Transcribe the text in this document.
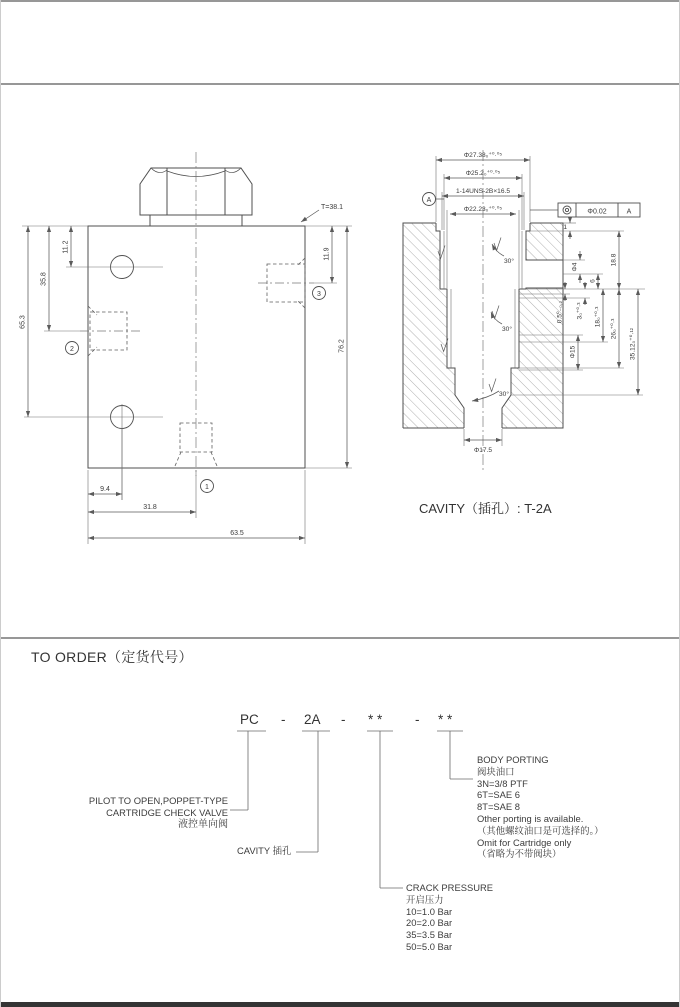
T=38.1
65.3
35.8
11.2
11.9
76.2
9.4
31.8
63.5
1
2
3
A
Φ0.02	A
Φ27.38₀⁺⁰·⁰⁵
Φ25.2₀⁺⁰·⁰⁵
1-14UNS-2B×16.5
Φ22.23₀⁺⁰·⁰⁵
1
18.8
Φ4
6
0.5⁰₋₀.₂ 3₀⁺⁰·³ 18₀⁺⁰·³
26₀⁺⁰·³ 35.12₀⁺⁰·¹²
Φ15
Φ17.5
30°
30°
30°
CAVITY（插孔）: T-2A
TO ORDER（定货代号）
PC - 2A - * * - * *
PILOT TO OPEN,POPPET-TYPE
CARTRIDGE CHECK VALVE
液控单向阀
CAVITY 插孔
BODY PORTING
阀块油口
3N=3/8 PTF
6T=SAE 6
8T=SAE 8
Other porting is available.
（其他螺纹油口是可选择的。）
Omit for Cartridge only
（省略为不带阀块）
CRACK PRESSURE
开启压力
10=1.0 Bar
20=2.0 Bar
35=3.5 Bar
50=5.0 Bar
